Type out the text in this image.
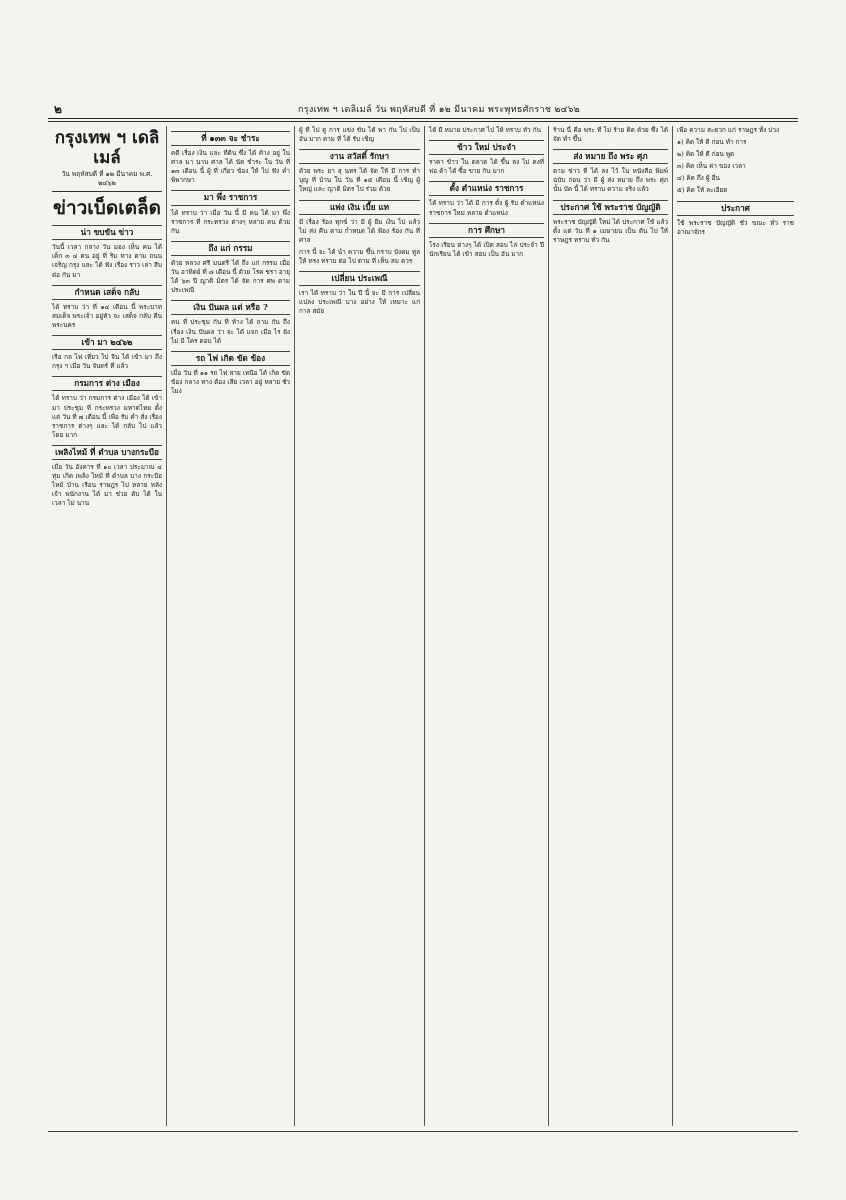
๒	กรุงเทพ ฯ เดลิเมล์ วัน พฤหัสบดี ที่ ๑๒ มีนาคม พระพุทธศักราช ๒๔๖๒
กรุงเทพ ฯ เดลิเมล์
วัน พฤหัสบดี ที่ ๑๒ มีนาคม พ.ศ. ๒๔๖๒
ข่าวเบ็ดเตล็ด
น่า ขบขัน ข่าว
วันนี้ เวลา กลาง วัน มอง เห็น คน ได้ เด็ก ๓ ๔ คน อยู่ ที่ ริม ทาง ตาม ถนน เจริญ กรุง และ ได้ ฟัง เรื่อง ราว เล่า สืบ ต่อ กัน มา
กำหนด เสด็จ กลับ
ได้ ทราบ ว่า ที่ ๑๔ เดือน นี้ พระบาท สมเด็จ พระเจ้า อยู่หัว จะ เสด็จ กลับ คืน พระนคร
เข้า มา ๒๔๖๒
เรือ กล ไฟ เที่ยว ไป จีน ได้ เข้า มา ถึง กรุง ฯ เมื่อ วัน จันทร์ ที่ แล้ว
กรมการ ต่าง เมือง
ได้ ทราบ ว่า กรมการ ต่าง เมือง ได้ เข้า มา ประชุม ที่ กระทรวง มหาดไทย ตั้ง แต่ วัน ที่ ๗ เดือน นี้ เพื่อ รับ คำ สั่ง เรื่อง ราชการ ต่างๆ และ ได้ กลับ ไป แล้ว โดย มาก
เพลิงไหม้ ที่ ตำบล บางกระบือ
เมื่อ วัน อังคาร ที่ ๑๐ เวลา ประมาณ ๔ ทุ่ม เกิด เพลิง ไหม้ ที่ ตำบล บาง กระบือ ไหม้ บ้าน เรือน ราษฎร ไป หลาย หลัง เจ้า พนักงาน ได้ มา ช่วย ดับ ได้ ใน เวลา ไม่ นาน
ที่ ๑๓๓ จะ ชำระ
คดี เรื่อง เงิน และ ที่ดิน ซึ่ง ได้ ค้าง อยู่ ใน ศาล มา นาน ศาล ได้ นัด ชำระ ใน วัน ที่ ๑๓ เดือน นี้ ผู้ ที่ เกี่ยว ข้อง ให้ ไป ฟัง คำ พิพากษา
มา พึ่ง ราชการ
ได้ ทราบ ว่า เมื่อ วัน นี้ มี คน ได้ มา พึ่ง ราชการ ที่ กระทรวง ต่างๆ หลาย คน ด้วย กัน
ถึง แก่ กรรม
ด้วย หลวง ศรี มนตรี ได้ ถึง แก่ กรรม เมื่อ วัน อาทิตย์ ที่ ๘ เดือน นี้ ด้วย โรค ชรา อายุ ได้ ๖๓ ปี ญาติ มิตร ได้ จัด การ ศพ ตาม ประเพณี
เงิน ปันผล แต่ หรือ ?
คน ที่ ประชุม กัน ที่ ห้าง ได้ ถาม กัน ถึง เรื่อง เงิน ปันผล ว่า จะ ได้ แจก เมื่อ ไร ยัง ไม่ มี ใคร ตอบ ได้
รถ ไฟ เกิด ขัด ข้อง
เมื่อ วัน ที่ ๑๑ รถ ไฟ สาย เหนือ ได้ เกิด ขัด ข้อง กลาง ทาง ต้อง เสีย เวลา อยู่ หลาย ชั่ว โมง
ผู้ ที่ ไป ดู การ แข่ง ขัน ได้ พา กัน ไป เป็น อัน มาก ตาม ที่ ได้ รับ เชิญ
งาน สวัสดิ์ รักษา
ด้วย พระ ยา สุ นทร ได้ จัด ให้ มี การ ทำ บุญ ที่ บ้าน ใน วัน ที่ ๑๕ เดือน นี้ เชิญ ผู้ ใหญ่ และ ญาติ มิตร ไป ร่วม ด้วย
แพ่ง เงิน เบี้ย แท
มี เรื่อง ร้อง ทุกข์ ว่า มี ผู้ ยืม เงิน ไป แล้ว ไม่ ส่ง คืน ตาม กำหนด ได้ ฟ้อง ร้อง กัน ที่ ศาล
การ นี้ จะ ได้ นำ ความ ขึ้น กราบ บังคม ทูล ให้ ทรง ทราบ ต่อ ไป ตาม ที่ เห็น สม ควร
เปลี่ยน ประเพณี
เรา ได้ ทราบ ว่า ใน ปี นี้ จะ มี การ เปลี่ยน แปลง ประเพณี บาง อย่าง ให้ เหมาะ แก่ กาล สมัย
ได้ มี หมาย ประกาศ ไป ให้ ทราบ ทั่ว กัน
ข้าว ใหม่ ประจำ
ราคา ข้าว ใน ตลาด ได้ ขึ้น ลง ไม่ คงที่ พ่อ ค้า ได้ ซื้อ ขาย กัน มาก
ตั้ง ตำแหน่ง ราชการ
ได้ ทราบ ว่า ได้ มี การ ตั้ง ผู้ รับ ตำแหน่ง ราชการ ใหม่ หลาย ตำแหน่ง
การ ศึกษา
โรง เรียน ต่างๆ ได้ เปิด สอบ ไล่ ประจำ ปี นักเรียน ได้ เข้า สอบ เป็น อัน มาก
ร้าน นี้ คือ พระ ที่ ไม่ ร้าย คิด ด้วย ซึ่ง ได้ จัด ทำ ขึ้น
ส่ง หมาย ถึง พระ ศุภ
ตาม ข่าว ที่ ได้ ลง ไว้ ใน หนังสือ พิมพ์ ฉบับ ก่อน ว่า มี ผู้ ส่ง หมาย ถึง พระ ศุภ นั้น บัด นี้ ได้ ทราบ ความ จริง แล้ว
ประกาศ ใช้ พระราช บัญญัติ
พระราช บัญญัติ ใหม่ ได้ ประกาศ ใช้ แล้ว ตั้ง แต่ วัน ที่ ๑ เมษายน เป็น ต้น ไป ให้ ราษฎร ทราบ ทั่ว กัน
เพื่อ ความ สะดวก แก่ ราษฎร ทั้ง ปวง
๑) คิด ให้ ดี ก่อน ทำ การ
๒) คิด ให้ ดี ก่อน พูด
๓) คิด เห็น ค่า ของ เวลา
๔) คิด ถึง ผู้ อื่น
๕) คิด ให้ ละเอียด
ประกาศ
ใช้ พระราช บัญญัติ ชั่ว ขณะ ทั่ว ราช อาณาจักร
